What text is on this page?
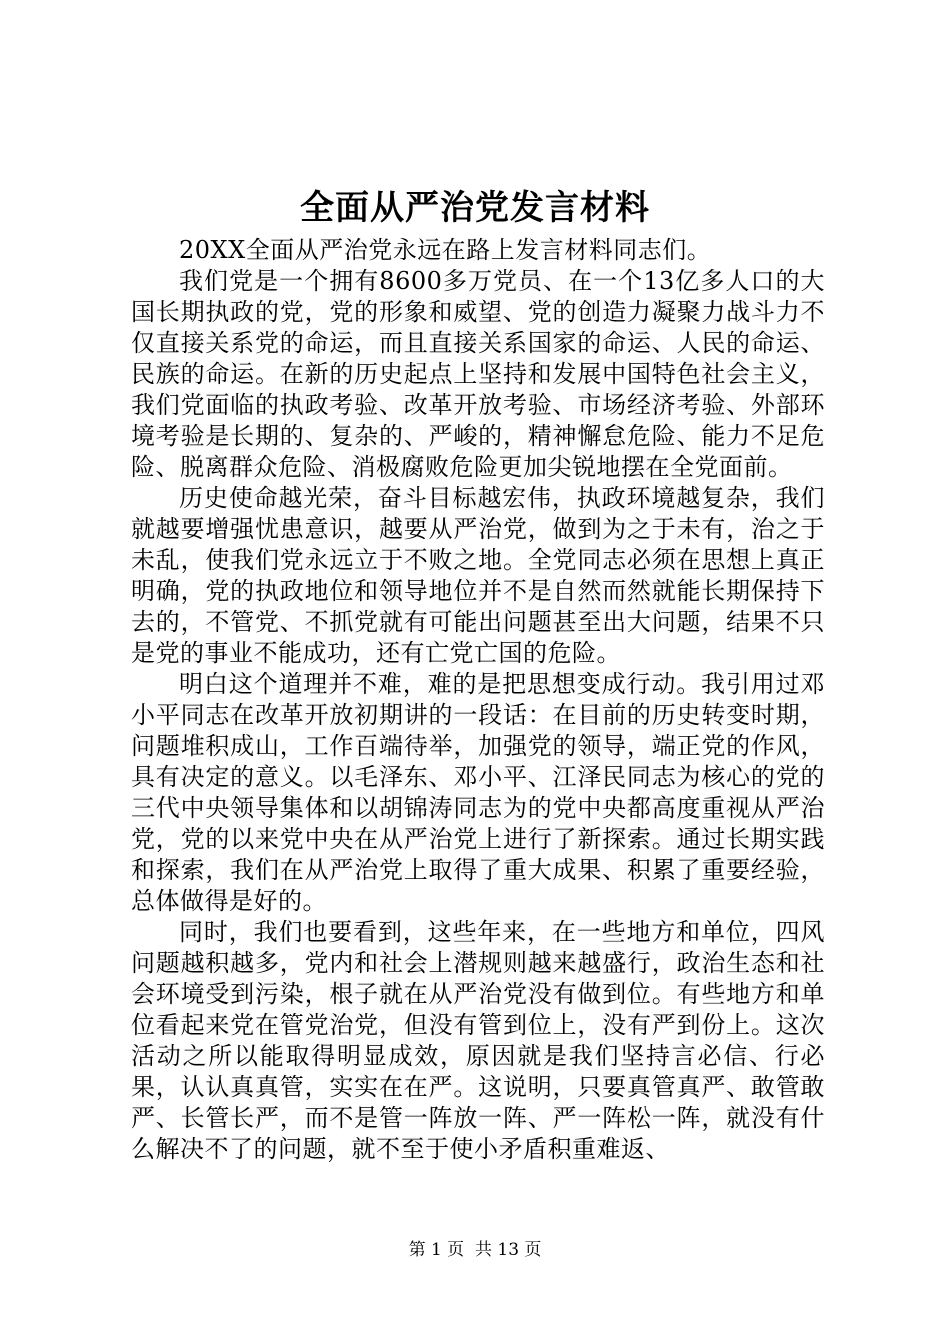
全面从严治党发言材料

20XX全面从严治党永远在路上发言材料同志们。

我们党是一个拥有8600多万党员、在一个13亿多人口的大国长期执政的党，党的形象和威望、党的创造力凝聚力战斗力不仅直接关系党的命运，而且直接关系国家的命运、人民的命运、民族的命运。在新的历史起点上坚持和发展中国特色社会主义，我们党面临的执政考验、改革开放考验、市场经济考验、外部环境考验是长期的、复杂的、严峻的，精神懈怠危险、能力不足危险、脱离群众危险、消极腐败危险更加尖锐地摆在全党面前。

历史使命越光荣，奋斗目标越宏伟，执政环境越复杂，我们就越要增强忧患意识，越要从严治党，做到为之于未有，治之于未乱，使我们党永远立于不败之地。全党同志必须在思想上真正明确，党的执政地位和领导地位并不是自然而然就能长期保持下去的，不管党、不抓党就有可能出问题甚至出大问题，结果不只是党的事业不能成功，还有亡党亡国的危险。

明白这个道理并不难，难的是把思想变成行动。我引用过邓小平同志在改革开放初期讲的一段话：在目前的历史转变时期，问题堆积成山，工作百端待举，加强党的领导，端正党的作风，具有决定的意义。以毛泽东、邓小平、江泽民同志为核心的党的三代中央领导集体和以胡锦涛同志为的党中央都高度重视从严治党，党的以来党中央在从严治党上进行了新探索。通过长期实践和探索，我们在从严治党上取得了重大成果、积累了重要经验，总体做得是好的。

同时，我们也要看到，这些年来，在一些地方和单位，四风问题越积越多，党内和社会上潜规则越来越盛行，政治生态和社会环境受到污染，根子就在从严治党没有做到位。有些地方和单位看起来党在管党治党，但没有管到位上，没有严到份上。这次活动之所以能取得明显成效，原因就是我们坚持言必信、行必果，认认真真管，实实在在严。这说明，只要真管真严、敢管敢严、长管长严，而不是管一阵放一阵、严一阵松一阵，就没有什么解决不了的问题，就不至于使小矛盾积重难返、

第 1 页  共 13 页
